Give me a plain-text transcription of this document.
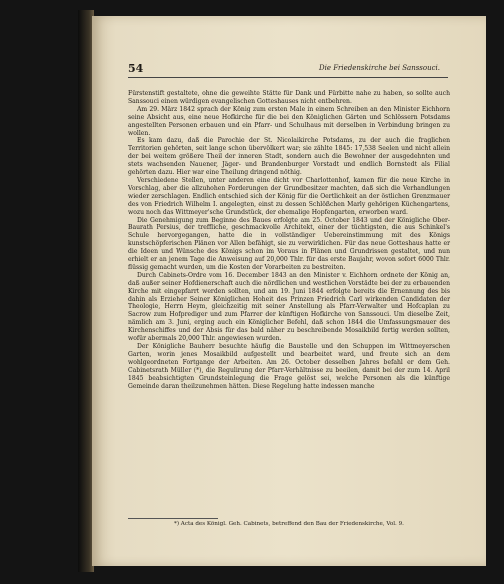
54	Die Friedenskirche bei Sanssouci.

Fürstenstift gestaltete, ohne die geweihte Stätte für Dank und Fürbitte nahe zu haben, so sollte auch Sanssouci einen würdigen evangelischen Gotteshauses nicht entbehren.

Am 29. März 1842 sprach der König zum ersten Male in einem Schreiben an den Minister Eichhorn seine Absicht aus, eine neue Hofkirche für die bei den Königlichen Gärten und Schlössern Potsdams angestellten Personen erbauen und ein Pfarr- und Schulhaus mit derselben in Verbindung bringen zu wollen.

Es kam dazu, daß die Parochie der St. Nicolaikirche Potsdams, zu der auch die fraglichen Territorien gehörten, seit lange schon übervölkert war; sie zählte 1845: 17,538 Seelen und nicht allein der bei weitem größere Theil der inneren Stadt, sondern auch die Bewohner der ausgedehnten und stets wachsenden Nauener, Jäger- und Brandenburger Vorstadt und endlich Bornstedt als Filial gehörten dazu. Hier war eine Theilung dringend nöthig.

Verschiedene Stellen, unter anderen eine dicht vor Charlottenhof, kamen für die neue Kirche in Vorschlag, aber die allzuhohen Forderungen der Grundbesitzer machten, daß sich die Verhandlungen wieder zerschlagen. Endlich entschied sich der König für die Oertlichkeit an der östlichen Grenzmauer des von Friedrich Wilhelm I. angelegten, einst zu dessen Schlößchen Marly gehörigen Küchengartens, wozu noch das Wittmeyer'sche Grundstück, der ehemalige Hopfengarten, erworben ward.

Die Genehmigung zum Beginne des Baues erfolgte am 25. October 1843 und der Königliche Ober-Baurath Persius, der treffliche, geschmackvolle Architekt, einer der tüchtigsten, die aus Schinkel's Schule hervorgegangen, hatte die in vollständiger Uebereinstimmung mit des Königs kunstschöpferischen Plänen vor Allen befähigt, sie zu verwirklichen. Für das neue Gotteshaus hatte er die Ideen und Wünsche des Königs schon im Voraus in Plänen und Grundrissen gestaltet, und nun erhielt er an jenem Tage die Anweisung auf 20,000 Thlr. für das erste Baujahr, wovon sofort 6000 Thlr. flüssig gemacht wurden, um die Kosten der Vorarbeiten zu bestreiten.

Durch Cabinets-Ordre vom 16. December 1843 an den Minister v. Eichhorn ordnete der König an, daß außer seiner Hofdienerschaft auch die nördlichen und westlichen Vorstädte bei der zu erbauenden Kirche mit eingepfarrt werden sollten, und am 19. Juni 1844 erfolgte bereits die Ernennung des bis dahin als Erzieher Seiner Königlichen Hoheit des Prinzen Friedrich Carl wirkenden Candidaten der Theologie, Herrn Heym, gleichzeitig mit seiner Anstellung als Pfarr-Verwalter und Hofcaplan zu Sacrow zum Hofprediger und zum Pfarrer der künftigen Hofkirche von Sanssouci. Um dieselbe Zeit, nämlich am 3. Juni, erging auch ein Königlicher Befehl, daß schon 1844 die Umfassungsmauer des Kirchenschiffes und der Absis für das bald näher zu beschreibende Mosaikbild fertig werden sollten, wofür abermals 20,000 Thlr. angewiesen wurden.

Der Königliche Bauherr besuchte häufig die Baustelle und den Schuppen im Wittmeyerschen Garten, worin jenes Mosaikbild aufgestellt und bearbeitet ward, und freute sich an dem wohlgeordneten Fortgange der Arbeiten. Am 26. October desselben Jahres befahl er dem Geh. Cabinetsrath Müller (*), die Regulirung der Pfarr-Verhältnisse zu beeilen, damit bei der zum 14. April 1845 beabsichtigten Grundsteinlegung die Frage gelöst sei, welche Personen als die künftige Gemeinde daran theilzunehmen hätten. Diese Regelung hatte indessen manche

*) Acta des Königl. Geh. Cabinets, betreffend den Bau der Friedenskirche, Vol. 9.
